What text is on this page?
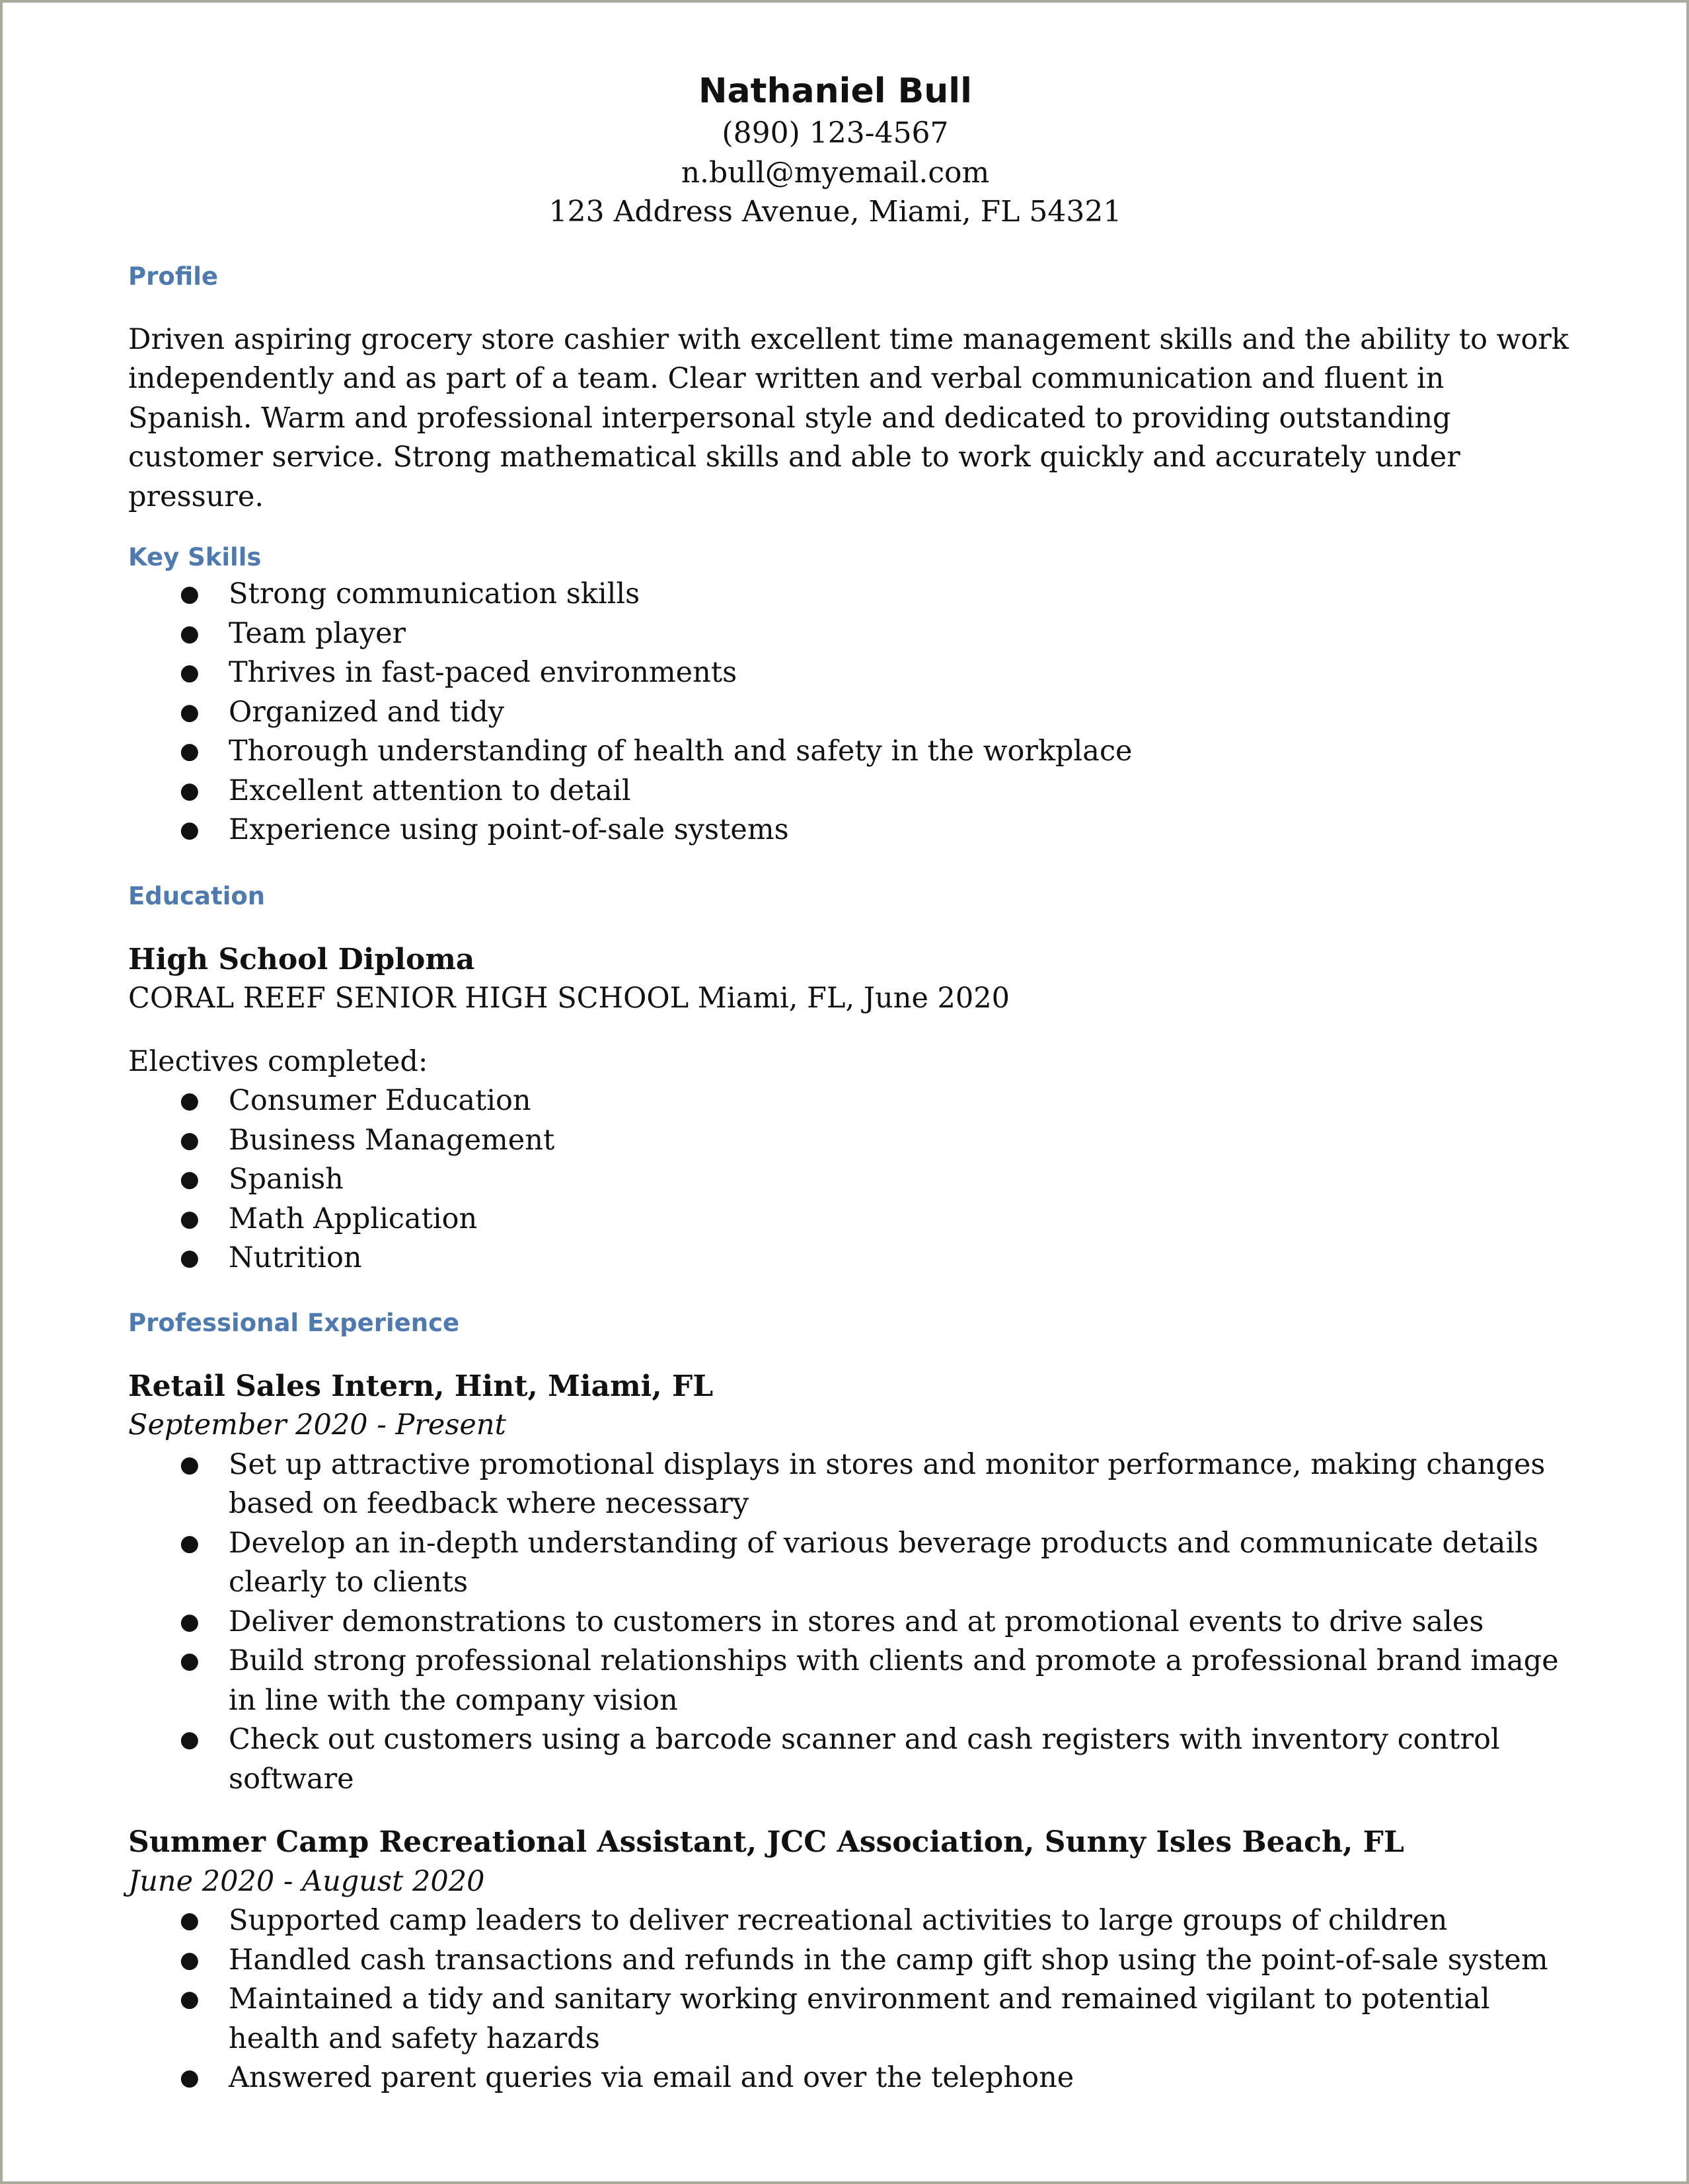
Nathaniel Bull
(890) 123-4567
n.bull@myemail.com
123 Address Avenue, Miami, FL 54321
Profile
Driven aspiring grocery store cashier with excellent time management skills and the ability to work independently and as part of a team. Clear written and verbal communication and fluent in Spanish. Warm and professional interpersonal style and dedicated to providing outstanding customer service. Strong mathematical skills and able to work quickly and accurately under pressure.
Key Skills
● Strong communication skills
● Team player
● Thrives in fast-paced environments
● Organized and tidy
● Thorough understanding of health and safety in the workplace
● Excellent attention to detail
● Experience using point-of-sale systems
Education
High School Diploma
CORAL REEF SENIOR HIGH SCHOOL Miami, FL, June 2020
Electives completed:
● Consumer Education
● Business Management
● Spanish
● Math Application
● Nutrition
Professional Experience
Retail Sales Intern, Hint, Miami, FL
September 2020 - Present
● Set up attractive promotional displays in stores and monitor performance, making changes based on feedback where necessary
● Develop an in-depth understanding of various beverage products and communicate details clearly to clients
● Deliver demonstrations to customers in stores and at promotional events to drive sales
● Build strong professional relationships with clients and promote a professional brand image in line with the company vision
● Check out customers using a barcode scanner and cash registers with inventory control software
Summer Camp Recreational Assistant, JCC Association, Sunny Isles Beach, FL
June 2020 - August 2020
● Supported camp leaders to deliver recreational activities to large groups of children
● Handled cash transactions and refunds in the camp gift shop using the point-of-sale system
● Maintained a tidy and sanitary working environment and remained vigilant to potential health and safety hazards
● Answered parent queries via email and over the telephone
